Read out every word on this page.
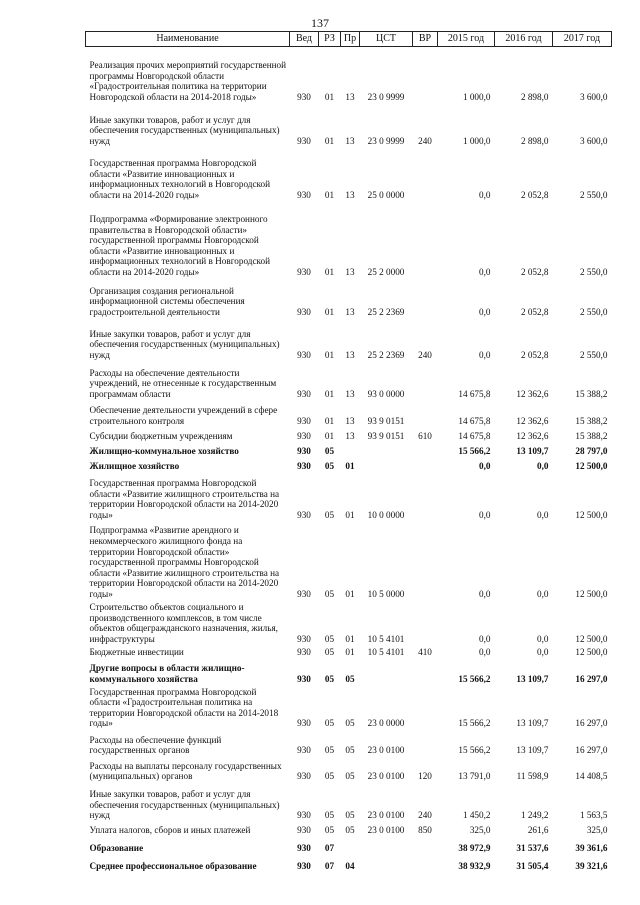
137
Наименование	Вед	РЗ	Пр	ЦСТ	ВР	2015 год	2016 год	2017 год
Реализация прочих мероприятий государственной программы Новгородской области «Градостроительная политика на территории Новгородской области на 2014-2018 годы»	930	01	13	23 0 9999		1 000,0	2 898,0	3 600,0
Иные закупки товаров, работ и услуг для обеспечения государственных (муниципальных) нужд	930	01	13	23 0 9999	240	1 000,0	2 898,0	3 600,0
Государственная программа Новгородской области «Развитие инновационных и информационных технологий в Новгородской области на 2014-2020 годы»	930	01	13	25 0 0000		0,0	2 052,8	2 550,0
Подпрограмма «Формирование электронного правительства в Новгородской области» государственной программы Новгородской области «Развитие инновационных и информационных технологий в Новгородской области на 2014-2020 годы»	930	01	13	25 2 0000		0,0	2 052,8	2 550,0
Организация создания региональной информационной системы обеспечения градостроительной деятельности	930	01	13	25 2 2369		0,0	2 052,8	2 550,0
Иные закупки товаров, работ и услуг для обеспечения государственных (муниципальных) нужд	930	01	13	25 2 2369	240	0,0	2 052,8	2 550,0
Расходы на обеспечение деятельности учреждений, не отнесенные к государственным программам области	930	01	13	93 0 0000		14 675,8	12 362,6	15 388,2
Обеспечение деятельности учреждений в сфере строительного контроля	930	01	13	93 9 0151		14 675,8	12 362,6	15 388,2
Субсидии бюджетным учреждениям	930	01	13	93 9 0151	610	14 675,8	12 362,6	15 388,2
Жилищно-коммунальное хозяйство	930	05				15 566,2	13 109,7	28 797,0
Жилищное хозяйство	930	05	01			0,0	0,0	12 500,0
Государственная программа Новгородской области «Развитие жилищного строительства на территории Новгородской области на 2014-2020 годы»	930	05	01	10 0 0000		0,0	0,0	12 500,0
Подпрограмма «Развитие арендного и некоммерческого жилищного фонда на территории Новгородской области» государственной программы Новгородской области «Развитие жилищного строительства на территории Новгородской области на 2014-2020 годы»	930	05	01	10 5 0000		0,0	0,0	12 500,0
Строительство объектов социального и производственного комплексов, в том числе объектов общегражданского назначения, жилья, инфраструктуры	930	05	01	10 5 4101		0,0	0,0	12 500,0
Бюджетные инвестиции	930	05	01	10 5 4101	410	0,0	0,0	12 500,0
Другие вопросы в области жилищно-коммунального хозяйства	930	05	05			15 566,2	13 109,7	16 297,0
Государственная программа Новгородской области «Градостроительная политика на территории Новгородской области на 2014-2018 годы»	930	05	05	23 0 0000		15 566,2	13 109,7	16 297,0
Расходы на обеспечение функций государственных органов	930	05	05	23 0 0100		15 566,2	13 109,7	16 297,0
Расходы на выплаты персоналу государственных (муниципальных) органов	930	05	05	23 0 0100	120	13 791,0	11 598,9	14 408,5
Иные закупки товаров, работ и услуг для обеспечения государственных (муниципальных) нужд	930	05	05	23 0 0100	240	1 450,2	1 249,2	1 563,5
Уплата налогов, сборов и иных платежей	930	05	05	23 0 0100	850	325,0	261,6	325,0
Образование	930	07				38 972,9	31 537,6	39 361,6
Среднее профессиональное образование	930	07	04			38 932,9	31 505,4	39 321,6
